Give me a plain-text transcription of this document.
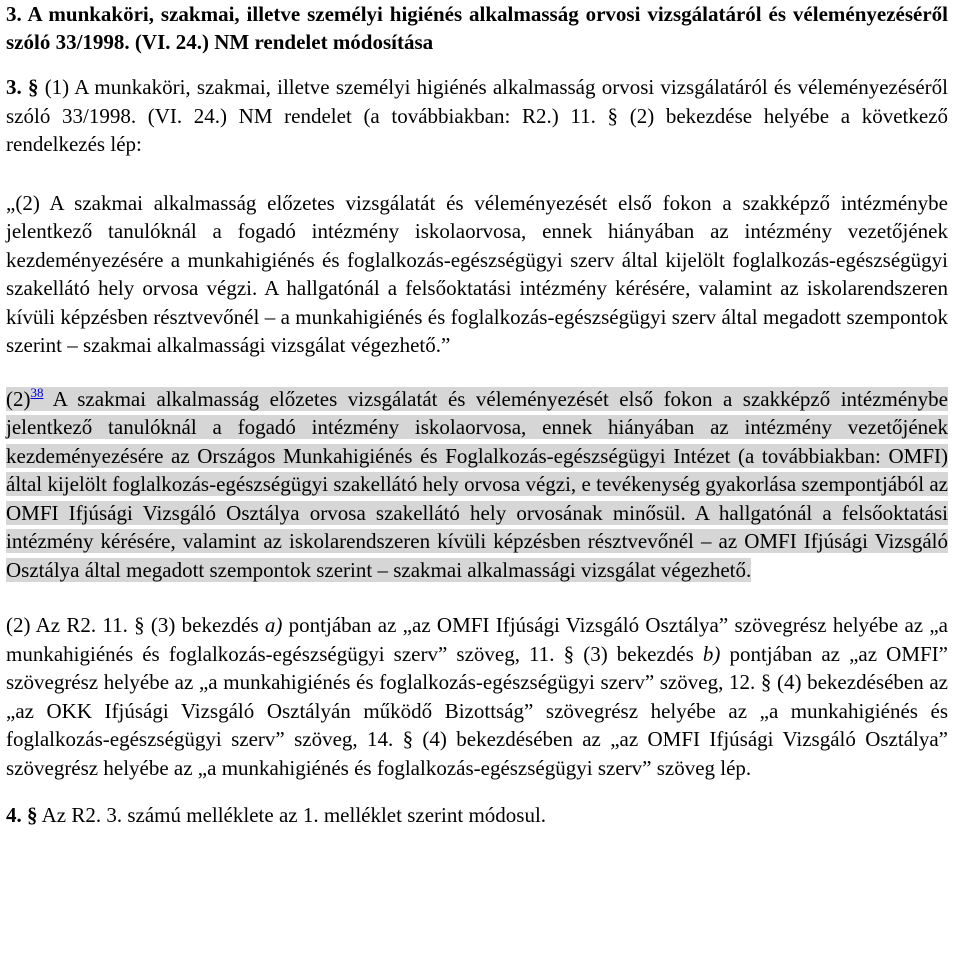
3. A munkaköri, szakmai, illetve személyi higiénés alkalmasság orvosi vizsgálatáról és véleményezéséről szóló 33/1998. (VI. 24.) NM rendelet módosítása

3. § (1) A munkaköri, szakmai, illetve személyi higiénés alkalmasság orvosi vizsgálatáról és véleményezéséről szóló 33/1998. (VI. 24.) NM rendelet (a továbbiakban: R2.) 11. § (2) bekezdése helyébe a következő rendelkezés lép:

„(2) A szakmai alkalmasság előzetes vizsgálatát és véleményezését első fokon a szakképző intézménybe jelentkező tanulóknál a fogadó intézmény iskolaorvosa, ennek hiányában az intézmény vezetőjének kezdeményezésére a munkahigiénés és foglalkozás-egészségügyi szerv által kijelölt foglalkozás-egészségügyi szakellátó hely orvosa végzi. A hallgatónál a felsőoktatási intézmény kérésére, valamint az iskolarendszeren kívüli képzésben résztvevőnél – a munkahigiénés és foglalkozás-egészségügyi szerv által megadott szempontok szerint – szakmai alkalmassági vizsgálat végezhető.”

(2)$^{38}$ A szakmai alkalmasság előzetes vizsgálatát és véleményezését első fokon a szakképző intézménybe jelentkező tanulóknál a fogadó intézmény iskolaorvosa, ennek hiányában az intézmény vezetőjének kezdeményezésére az Országos Munkahigiénés és Foglalkozás-egészségügyi Intézet (a továbbiakban: OMFI) által kijelölt foglalkozás-egészségügyi szakellátó hely orvosa végzi, e tevékenység gyakorlása szempontjából az OMFI Ifjúsági Vizsgáló Osztálya orvosa szakellátó hely orvosának minősül. A hallgatónál a felsőoktatási intézmény kérésére, valamint az iskolarendszeren kívüli képzésben résztvevőnél – az OMFI Ifjúsági Vizsgáló Osztálya által megadott szempontok szerint – szakmai alkalmassági vizsgálat végezhető.

(2) Az R2. 11. § (3) bekezdés a) pontjában az „az OMFI Ifjúsági Vizsgáló Osztálya” szövegrész helyébe az „a munkahigiénés és foglalkozás-egészségügyi szerv” szöveg, 11. § (3) bekezdés b) pontjában az „az OMFI” szövegrész helyébe az „a munkahigiénés és foglalkozás-egészségügyi szerv” szöveg, 12. § (4) bekezdésében az „az OKK Ifjúsági Vizsgáló Osztályán működő Bizottság” szövegrész helyébe az „a munkahigiénés és foglalkozás-egészségügyi szerv” szöveg, 14. § (4) bekezdésében az „az OMFI Ifjúsági Vizsgáló Osztálya” szövegrész helyébe az „a munkahigiénés és foglalkozás-egészségügyi szerv” szöveg lép.

4. § Az R2. 3. számú melléklete az 1. melléklet szerint módosul.
